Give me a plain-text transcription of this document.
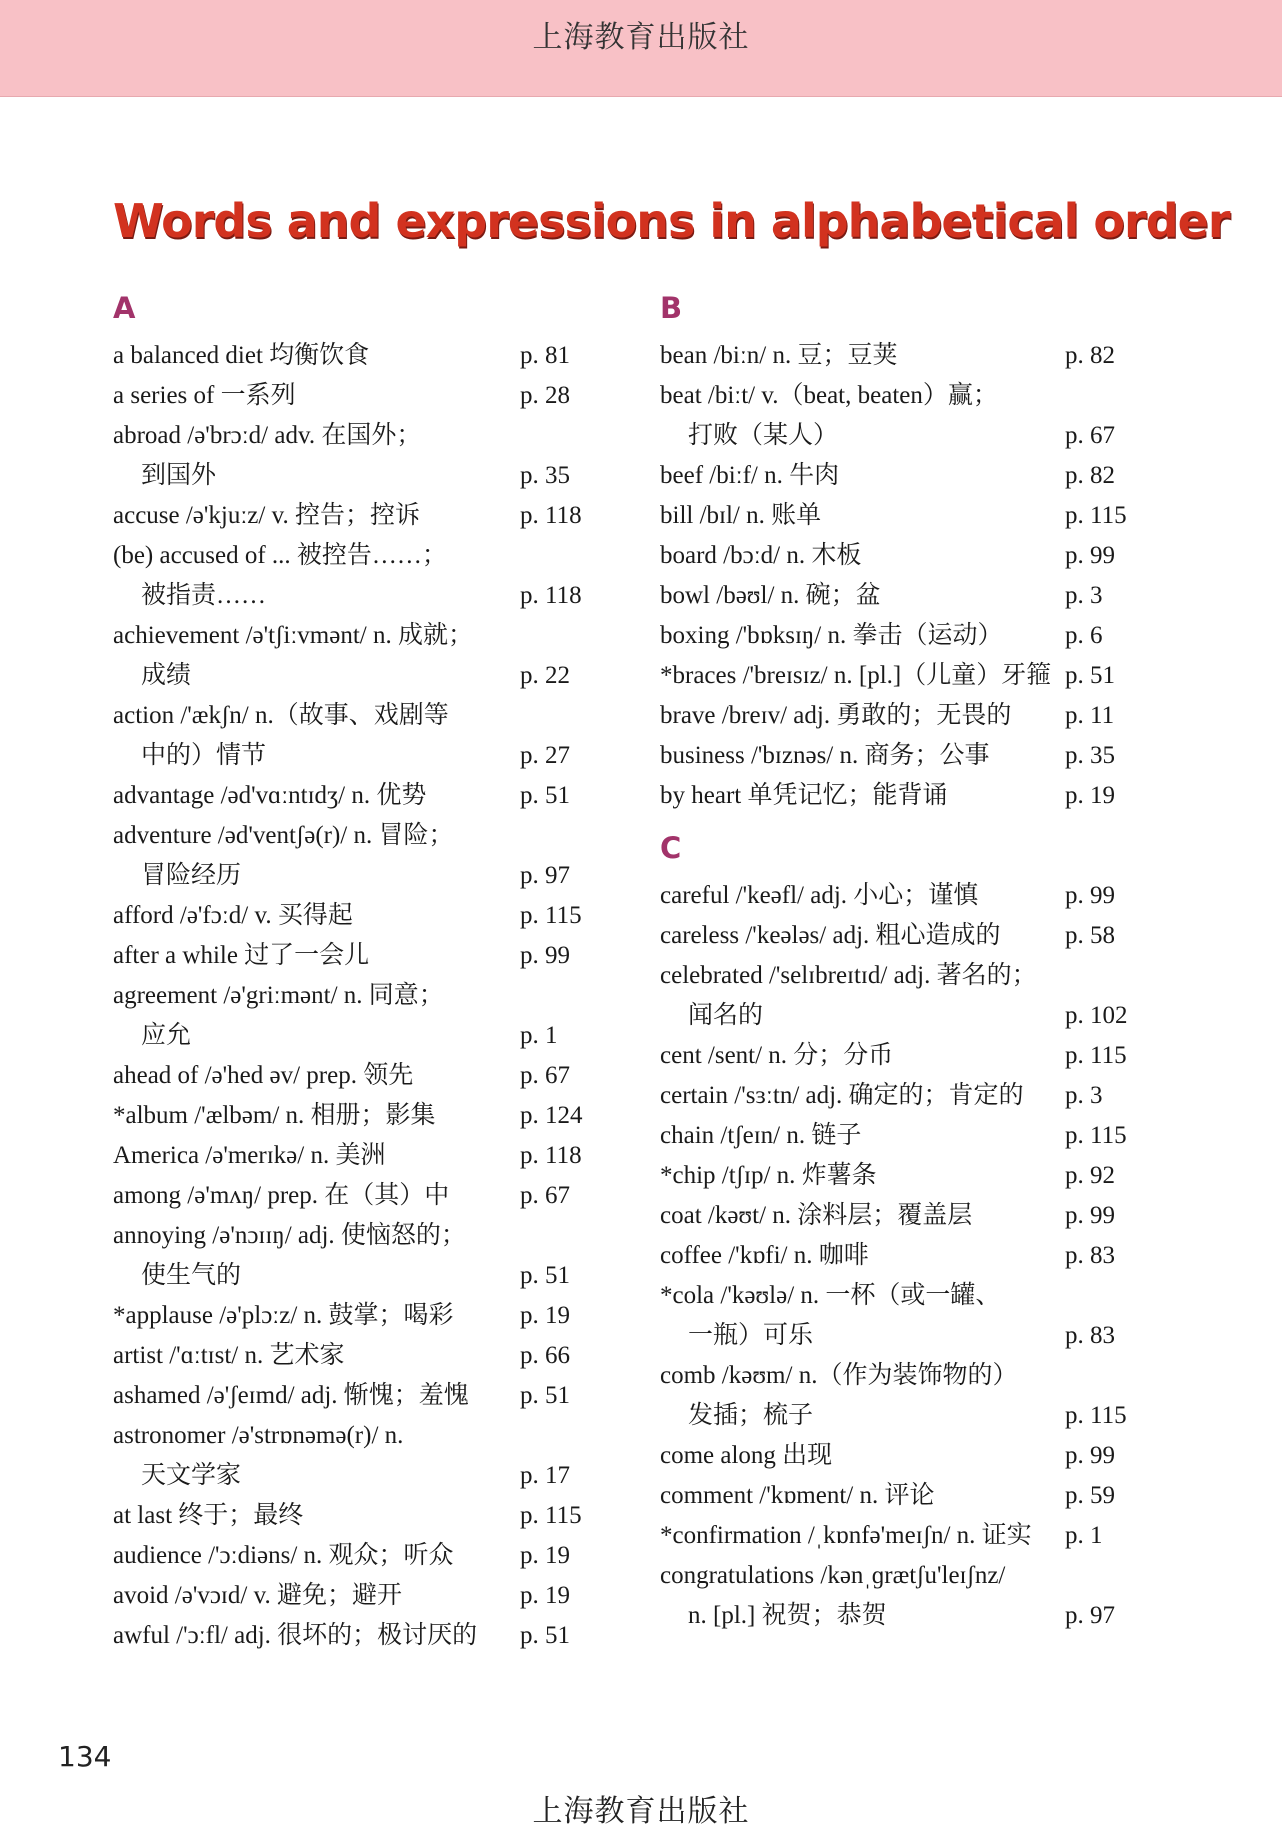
上海教育出版社
Words and expressions in alphabetical order
A
a balanced diet 均衡饮食	p. 81
a series of 一系列	p. 28
abroad /ə'brɔːd/ adv. 在国外；
到国外	p. 35
accuse /ə'kjuːz/ v. 控告；控诉	p. 118
(be) accused of ... 被控告……；
被指责……	p. 118
achievement /ə'tʃiːvmənt/ n. 成就；
成绩	p. 22
action /'ækʃn/ n.（故事、戏剧等
中的）情节	p. 27
advantage /əd'vɑːntɪdʒ/ n. 优势	p. 51
adventure /əd'ventʃə(r)/ n. 冒险；
冒险经历	p. 97
afford /ə'fɔːd/ v. 买得起	p. 115
after a while 过了一会儿	p. 99
agreement /ə'griːmənt/ n. 同意；
应允	p. 1
ahead of /ə'hed əv/ prep. 领先	p. 67
*album /'ælbəm/ n. 相册；影集	p. 124
America /ə'merɪkə/ n. 美洲	p. 118
among /ə'mʌŋ/ prep. 在（其）中	p. 67
annoying /ə'nɔɪɪŋ/ adj. 使恼怒的；
使生气的	p. 51
*applause /ə'plɔːz/ n. 鼓掌；喝彩	p. 19
artist /'ɑːtɪst/ n. 艺术家	p. 66
ashamed /ə'ʃeɪmd/ adj. 惭愧；羞愧 p. 51
astronomer /ə'strɒnəmə(r)/ n.
天文学家	p. 17
at last 终于；最终	p. 115
audience /'ɔːdiəns/ n. 观众；听众	p. 19
avoid /ə'vɔɪd/ v. 避免；避开	p. 19
awful /'ɔːfl/ adj. 很坏的；极讨厌的 p. 51
B
bean /biːn/ n. 豆；豆荚	p. 82
beat /biːt/ v.（beat, beaten）赢；
打败（某人）	p. 67
beef /biːf/ n. 牛肉	p. 82
bill /bɪl/ n. 账单	p. 115
board /bɔːd/ n. 木板	p. 99
bowl /bəʊl/ n. 碗；盆	p. 3
boxing /'bɒksɪŋ/ n. 拳击（运动）	p. 6
*braces /'breɪsɪz/ n. [pl.]（儿童）牙箍 p. 51
brave /breɪv/ adj. 勇敢的；无畏的 p. 11
business /'bɪznəs/ n. 商务；公事	p. 35
by heart 单凭记忆；能背诵	p. 19
C
careful /'keəfl/ adj. 小心；谨慎	p. 99
careless /'keələs/ adj. 粗心造成的	p. 58
celebrated /'selɪbreɪtɪd/ adj. 著名的；
闻名的	p. 102
cent /sent/ n. 分；分币	p. 115
certain /'sɜːtn/ adj. 确定的；肯定的 p. 3
chain /tʃeɪn/ n. 链子	p. 115
*chip /tʃɪp/ n. 炸薯条	p. 92
coat /kəʊt/ n. 涂料层；覆盖层	p. 99
coffee /'kɒfi/ n. 咖啡	p. 83
*cola /'kəʊlə/ n. 一杯（或一罐、
一瓶）可乐	p. 83
comb /kəʊm/ n.（作为装饰物的）
发插；梳子	p. 115
come along 出现	p. 99
comment /'kɒment/ n. 评论	p. 59
*confirmation /ˌkɒnfə'meɪʃn/ n. 证实 p. 1
congratulations /kənˌɡrætʃu'leɪʃnz/
n. [pl.] 祝贺；恭贺	p. 97
134
上海教育出版社
